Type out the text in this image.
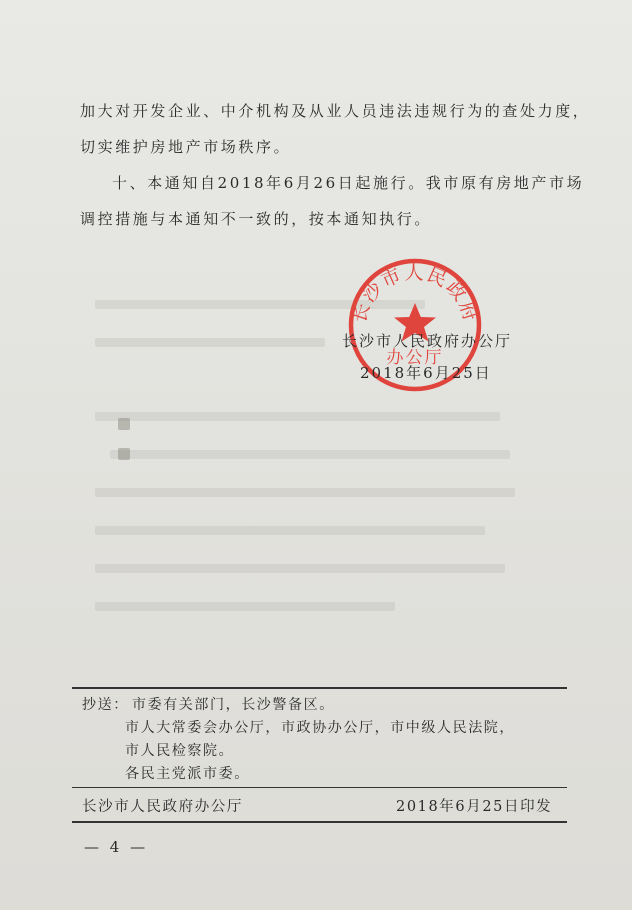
加大对开发企业、中介机构及从业人员违法违规行为的查处力度，
切实维护房地产市场秩序。
十、本通知自2018年6月26日起施行。我市原有房地产市场
调控措施与本通知不一致的，按本通知执行。
长沙市人民政府
办公厅
长沙市人民政府办公厅
2018年6月25日
抄送： 市委有关部门，长沙警备区。
市人大常委会办公厅，市政协办公厅，市中级人民法院，
市人民检察院。
各民主党派市委。
长沙市人民政府办公厅	2018年6月25日印发
— 4 —
